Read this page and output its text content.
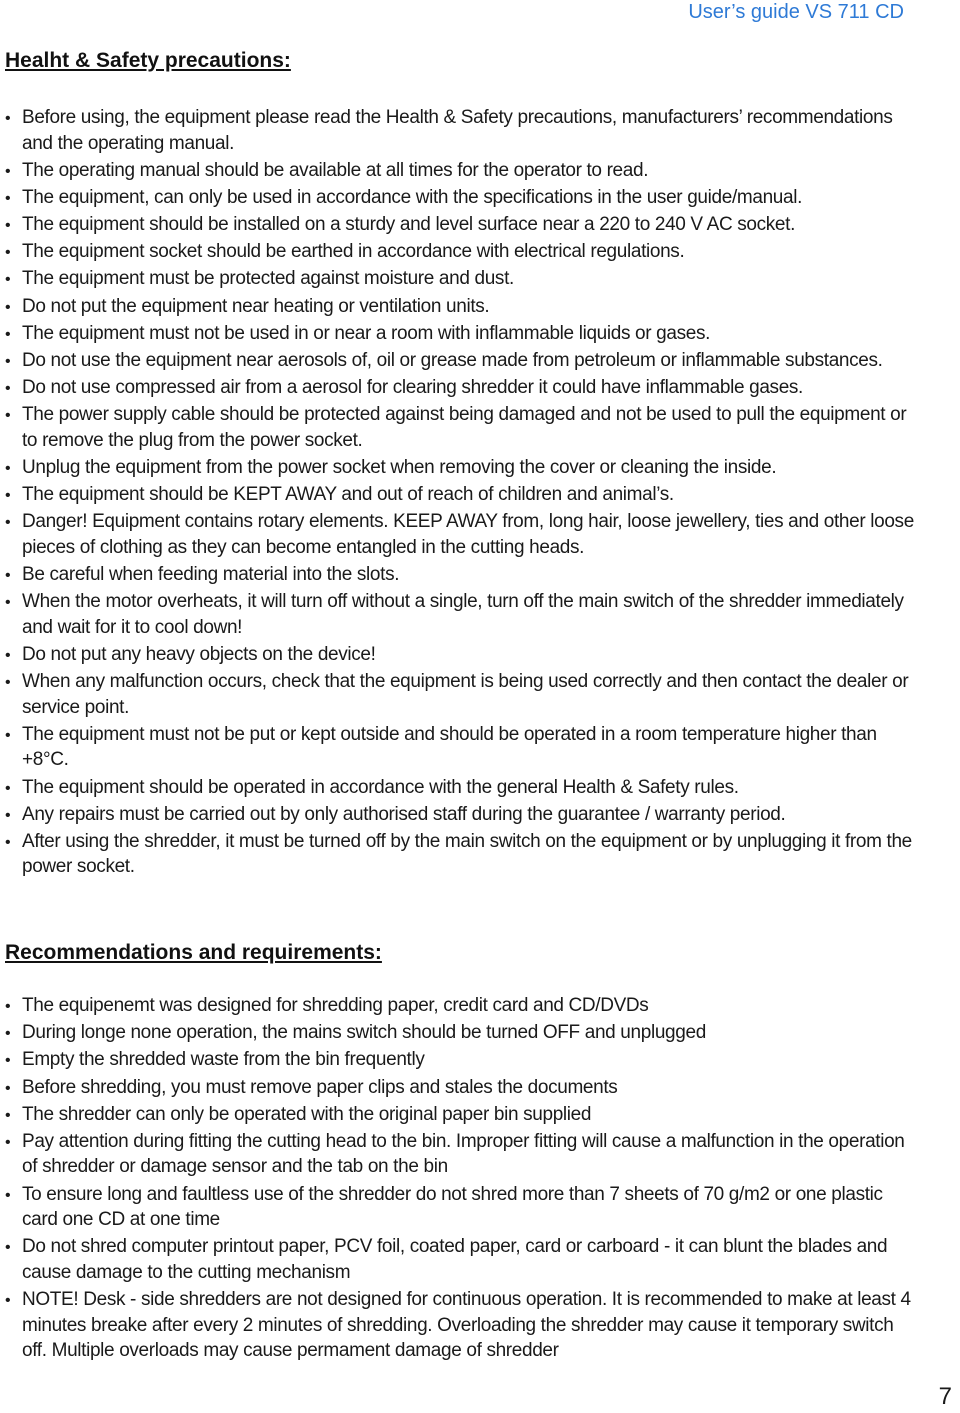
User’s guide VS 711 CD
Healht & Safety precautions:
• Before using, the equipment please read the Health & Safety precautions, manufacturers’ recommendations and the operating manual.
• The operating manual should be available at all times for the operator to read.
• The equipment, can only be used in accordance with the specifications in the user guide/manual.
• The equipment should be installed on a sturdy and level surface near a 220 to 240 V AC socket.
• The equipment socket should be earthed in accordance with electrical regulations.
• The equipment must be protected against moisture and dust.
• Do not put the equipment near heating or ventilation units.
• The equipment must not be used in or near a room with inflammable liquids or gases.
• Do not use the equipment near aerosols of, oil or grease made from petroleum or inflammable substances.
• Do not use compressed air from a aerosol for clearing shredder it could have inflammable gases.
• The power supply cable should be protected against being damaged and not be used to pull the equipment or to remove the plug from the power socket.
• Unplug the equipment from the power socket when removing the cover or cleaning the inside.
• The equipment should be KEPT AWAY and out of reach of children and animal’s.
• Danger! Equipment contains rotary elements. KEEP AWAY from, long hair, loose jewellery, ties and other loose pieces of clothing as they can become entangled in the cutting heads.
• Be careful when feeding material into the slots.
• When the motor overheats, it will turn off without a single, turn off the main switch of the shredder immediately and wait for it to cool down!
• Do not put any heavy objects on the device!
• When any malfunction occurs, check that the equipment is being used correctly and then contact the dealer or service point.
• The equipment must not be put or kept outside and should be operated in a room temperature higher than +8°C.
• The equipment should be operated in accordance with the general Health & Safety rules.
• Any repairs must be carried out by only authorised staff during the guarantee / warranty period.
• After using the shredder, it must be turned off by the main switch on the equipment or by unplugging it from the power socket.
Recommendations and requirements:
• The equipenemt was designed for shredding paper, credit card and CD/DVDs
• During longe none operation, the mains switch should be turned OFF and unplugged
• Empty the shredded waste from the bin frequently
• Before shredding, you must remove paper clips and stales the documents
• The shredder can only be operated with the original paper bin supplied
• Pay attention during fitting the cutting head to the bin. Improper fitting will cause a malfunction in the operation of shredder or damage sensor and the tab on the bin
• To ensure long and faultless use of the shredder do not shred more than 7 sheets of 70 g/m2 or one plastic card one CD at one time
• Do not shred computer printout paper, PCV foil, coated paper, card or carboard - it can blunt the blades and cause damage to the cutting mechanism
• NOTE! Desk - side shredders are not designed for continuous operation. It is recommended to make at least 4 minutes breake after every 2 minutes of shredding. Overloading the shredder may cause it temporary switch off. Multiple overloads may cause permament damage of shredder
7
